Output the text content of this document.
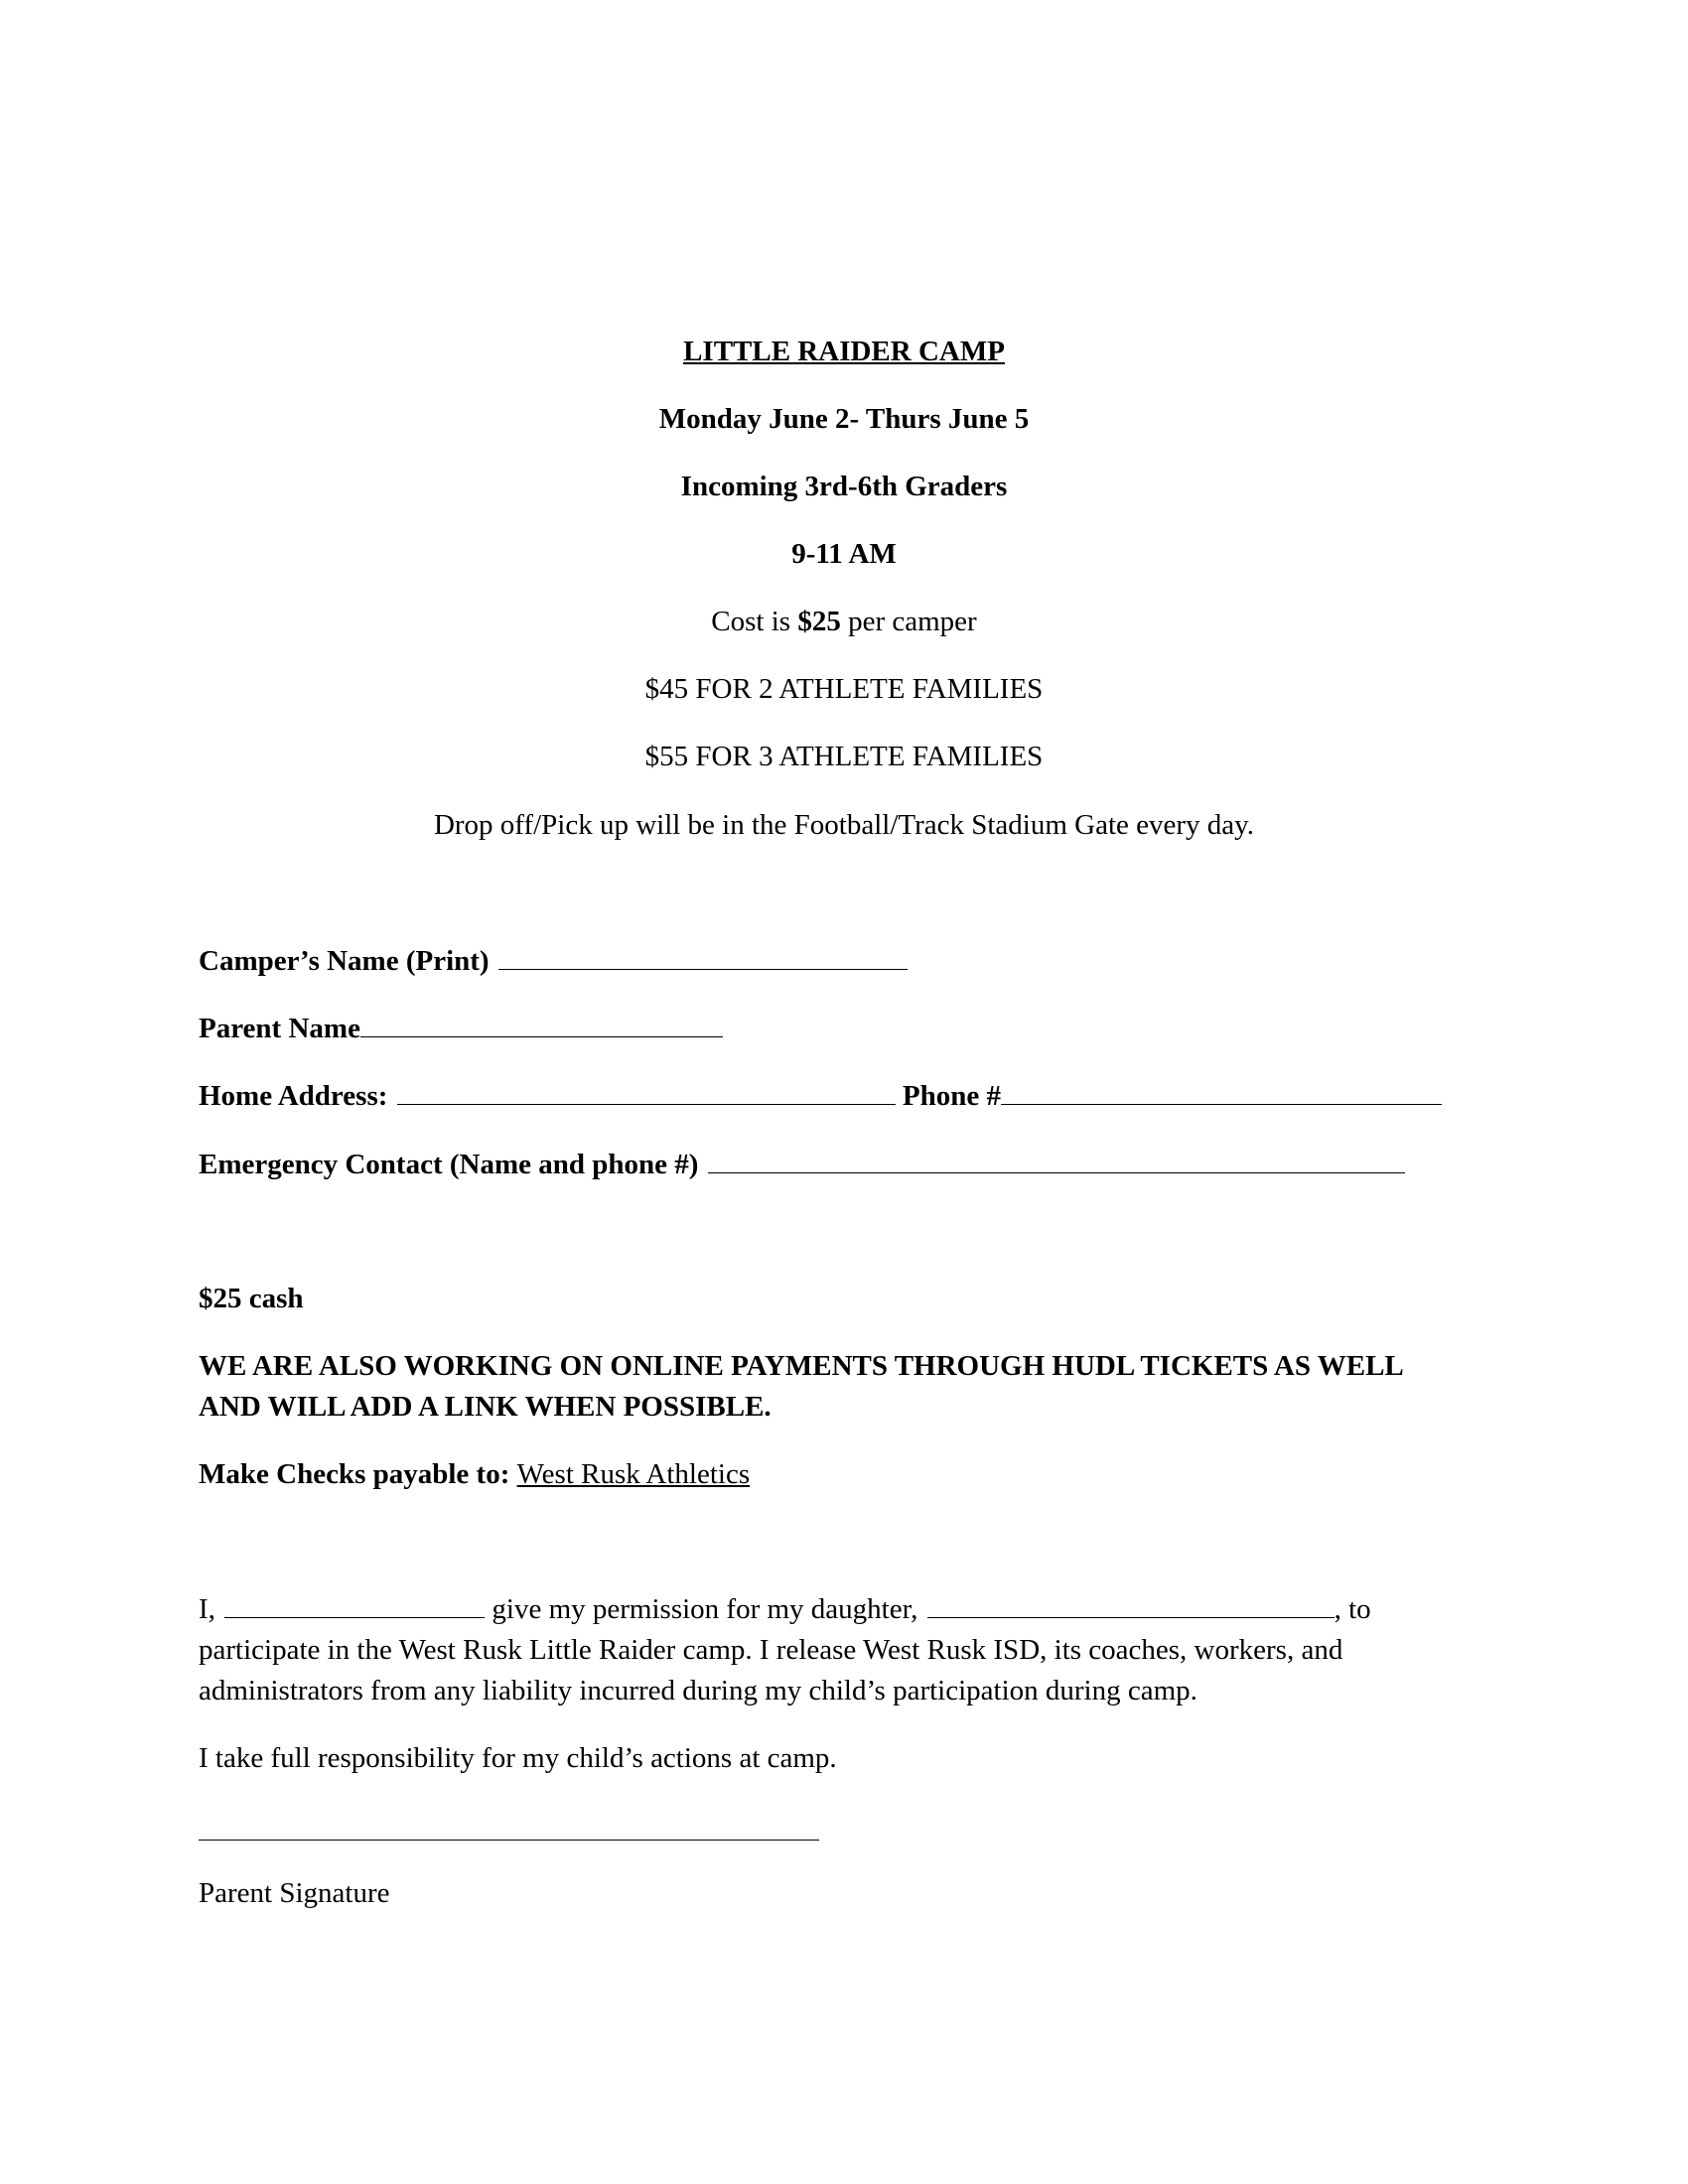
LITTLE RAIDER CAMP
Monday June 2- Thurs June 5
Incoming 3rd-6th Graders
9-11 AM
Cost is $25 per camper
$45 FOR 2 ATHLETE FAMILIES
$55 FOR 3 ATHLETE FAMILIES
Drop off/Pick up will be in the Football/Track Stadium Gate every day.
Camper’s Name (Print)
Parent Name
Home Address:	Phone #
Emergency Contact (Name and phone #)
$25 cash
WE ARE ALSO WORKING ON ONLINE PAYMENTS THROUGH HUDL TICKETS AS WELL
AND WILL ADD A LINK WHEN POSSIBLE.
Make Checks payable to: West Rusk Athletics
I,	give my permission for my daughter,	, to
participate in the West Rusk Little Raider camp. I release West Rusk ISD, its coaches, workers, and
administrators from any liability incurred during my child’s participation during camp.
I take full responsibility for my child’s actions at camp.
Parent Signature
